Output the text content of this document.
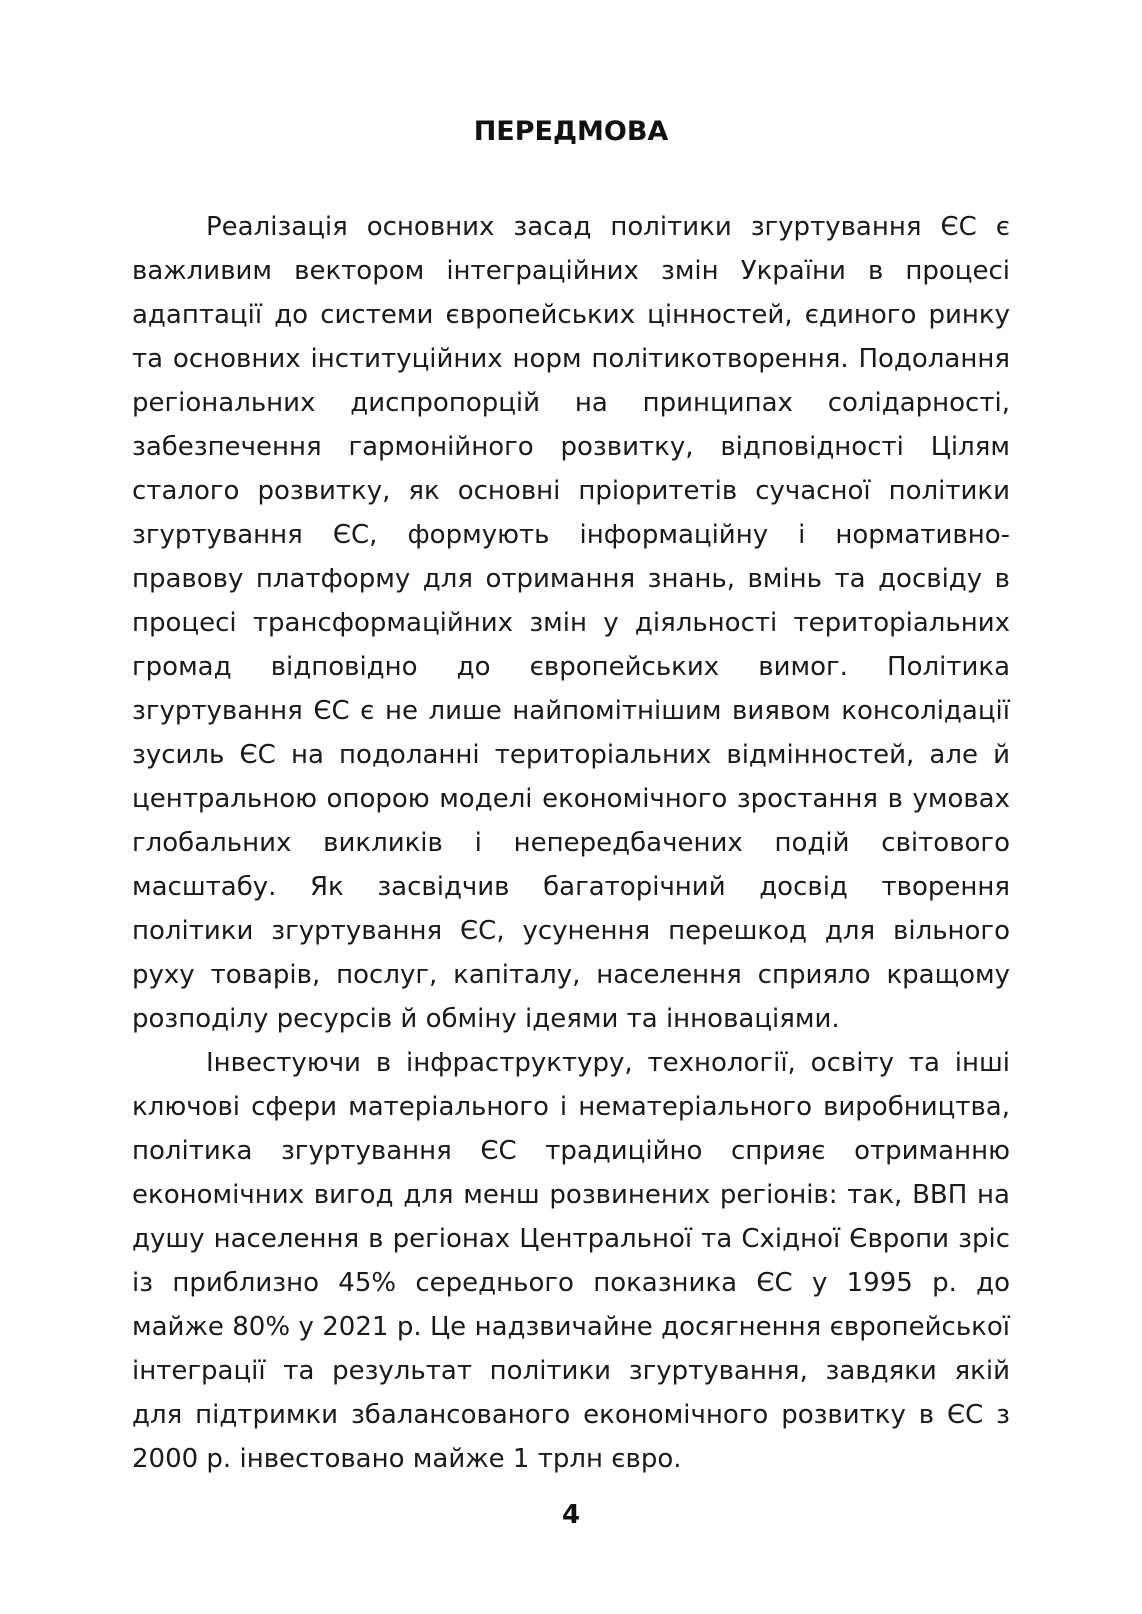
ПЕРЕДМОВА

Реалізація основних засад політики згуртування ЄС є важливим вектором інтеграційних змін України в процесі адаптації до системи європейських цінностей, єдиного ринку та основних інституційних норм політикотворення. Подолання регіональних диспропорцій на принципах солідарності, забезпечення гармонійного розвитку, відповідності Цілям сталого розвитку, як основні пріоритетів сучасної політики згуртування ЄС, формують інформаційну і нормативно-правову платформу для отримання знань, вмінь та досвіду в процесі трансформаційних змін у діяльності територіальних громад відповідно до європейських вимог. Політика згуртування ЄС є не лише найпомітнішим виявом консолідації зусиль ЄС на подоланні територіальних відмінностей, але й центральною опорою моделі економічного зростання в умовах глобальних викликів і непередбачених подій світового масштабу. Як засвідчив багаторічний досвід творення політики згуртування ЄС, усунення перешкод для вільного руху товарів, послуг, капіталу, населення сприяло кращому розподілу ресурсів й обміну ідеями та інноваціями.

Інвестуючи в інфраструктуру, технології, освіту та інші ключові сфери матеріального і нематеріального виробництва, політика згуртування ЄС традиційно сприяє отриманню економічних вигод для менш розвинених регіонів: так, ВВП на душу населення в регіонах Центральної та Східної Європи зріс із приблизно 45% середнього показника ЄС у 1995 р. до майже 80% у 2021 р. Це надзвичайне досягнення європейської інтеграції та результат політики згуртування, завдяки якій для підтримки збалансованого економічного розвитку в ЄС з 2000 р. інвестовано майже 1 трлн євро.

4
